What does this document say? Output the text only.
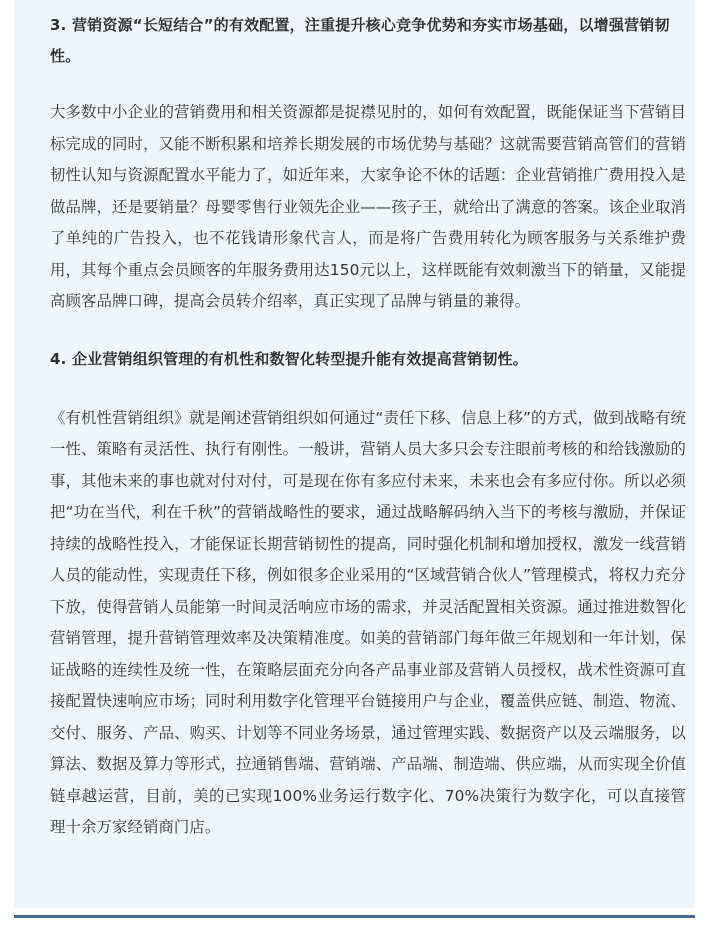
3. 营销资源“长短结合”的有效配置，注重提升核心竞争优势和夯实市场基础，以增强营销韧性。

大多数中小企业的营销费用和相关资源都是捉襟见肘的，如何有效配置，既能保证当下营销目标完成的同时，又能不断积累和培养长期发展的市场优势与基础？这就需要营销高管们的营销韧性认知与资源配置水平能力了，如近年来，大家争论不休的话题：企业营销推广费用投入是做品牌，还是要销量？母婴零售行业领先企业——孩子王，就给出了满意的答案。该企业取消了单纯的广告投入，也不花钱请形象代言人，而是将广告费用转化为顾客服务与关系维护费用，其每个重点会员顾客的年服务费用达150元以上，这样既能有效刺激当下的销量，又能提高顾客品牌口碑，提高会员转介绍率，真正实现了品牌与销量的兼得。

4. 企业营销组织管理的有机性和数智化转型提升能有效提高营销韧性。

《有机性营销组织》就是阐述营销组织如何通过“责任下移、信息上移”的方式，做到战略有统一性、策略有灵活性、执行有刚性。一般讲，营销人员大多只会专注眼前考核的和给钱激励的事，其他未来的事也就对付对付，可是现在你有多应付未来，未来也会有多应付你。所以必须把“功在当代，利在千秋”的营销战略性的要求，通过战略解码纳入当下的考核与激励，并保证持续的战略性投入，才能保证长期营销韧性的提高，同时强化机制和增加授权，激发一线营销人员的能动性，实现责任下移，例如很多企业采用的“区域营销合伙人”管理模式，将权力充分下放，使得营销人员能第一时间灵活响应市场的需求，并灵活配置相关资源。通过推进数智化营销管理，提升营销管理效率及决策精准度。如美的营销部门每年做三年规划和一年计划，保证战略的连续性及统一性，在策略层面充分向各产品事业部及营销人员授权，战术性资源可直接配置快速响应市场；同时利用数字化管理平台链接用户与企业，覆盖供应链、制造、物流、交付、服务、产品、购买、计划等不同业务场景，通过管理实践、数据资产以及云端服务，以算法、数据及算力等形式，拉通销售端、营销端、产品端、制造端、供应端，从而实现全价值链卓越运营，目前，美的已实现100%业务运行数字化、70%决策行为数字化，可以直接管理十余万家经销商门店。
